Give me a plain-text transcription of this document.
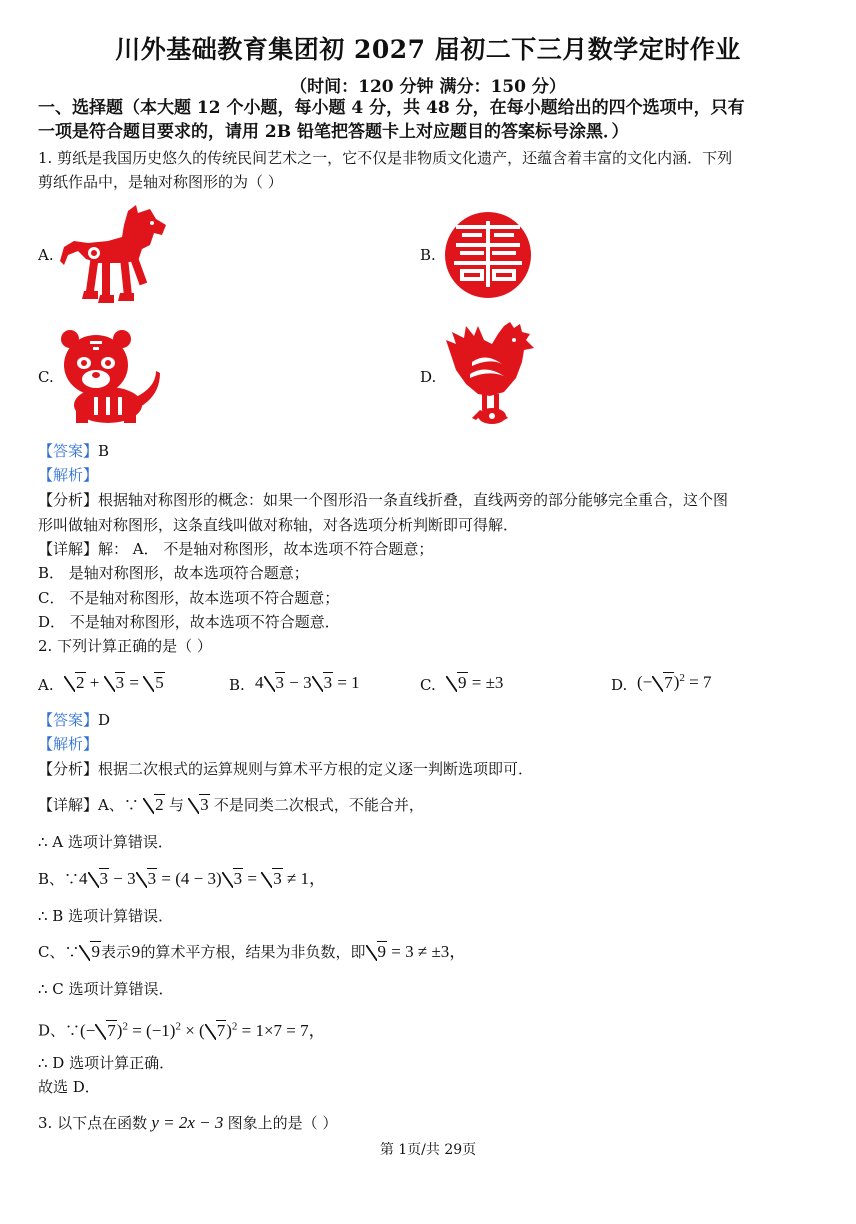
川外基础教育集团初 2027 届初二下三月数学定时作业
（时间：120 分钟 满分：150 分）
一、选择题（本大题 12 个小题，每小题 4 分，共 48 分，在每小题给出的四个选项中，只有
一项是符合题目要求的，请用 2B 铅笔把答题卡上对应题目的答案标号涂黑．）
1. 剪纸是我国历史悠久的传统民间艺术之一，它不仅是非物质文化遗产，还蕴含着丰富的文化内涵．下列
剪纸作品中，是轴对称图形的为（ ）
A.	B.
C.	D.
【答案】B
【解析】
【分析】根据轴对称图形的概念：如果一个图形沿一条直线折叠，直线两旁的部分能够完全重合，这个图
形叫做轴对称图形，这条直线叫做对称轴，对各选项分析判断即可得解．
【详解】解： A． 不是轴对称图形，故本选项不符合题意；
B． 是轴对称图形，故本选项符合题意；
C． 不是轴对称图形，故本选项不符合题意；
D． 不是轴对称图形，故本选项不符合题意．
2. 下列计算正确的是（ ）
A.	2 + 3 = 5	B. 4 3 − 3 3 = 1	C.	9 = ±3	D. (− 7)$^2$ = 7
【答案】D
【解析】
【分析】根据二次根式的运算规则与算术平方根的定义逐一判断选项即可．
【详解】A、∵ 2 与 3 不是同类二次根式，不能合并，
∴ A 选项计算错误．
B、∵4 3 − 3 3 = (4 − 3) 3 = 3 ≠ 1，
∴ B 选项计算错误．
C、∵ 9表示9的算术平方根，结果为非负数，即 9 = 3 ≠ ±3，
∴ C 选项计算错误．
D、∵(− $7)^2 = (-1)^2$ × ( 7)$^2$ = 1×7 = 7，
∴ D 选项计算正确．
故选 D．
3. 以下点在函数 y = 2x − 3 图象上的是（ ）
第 1页/共 29页
